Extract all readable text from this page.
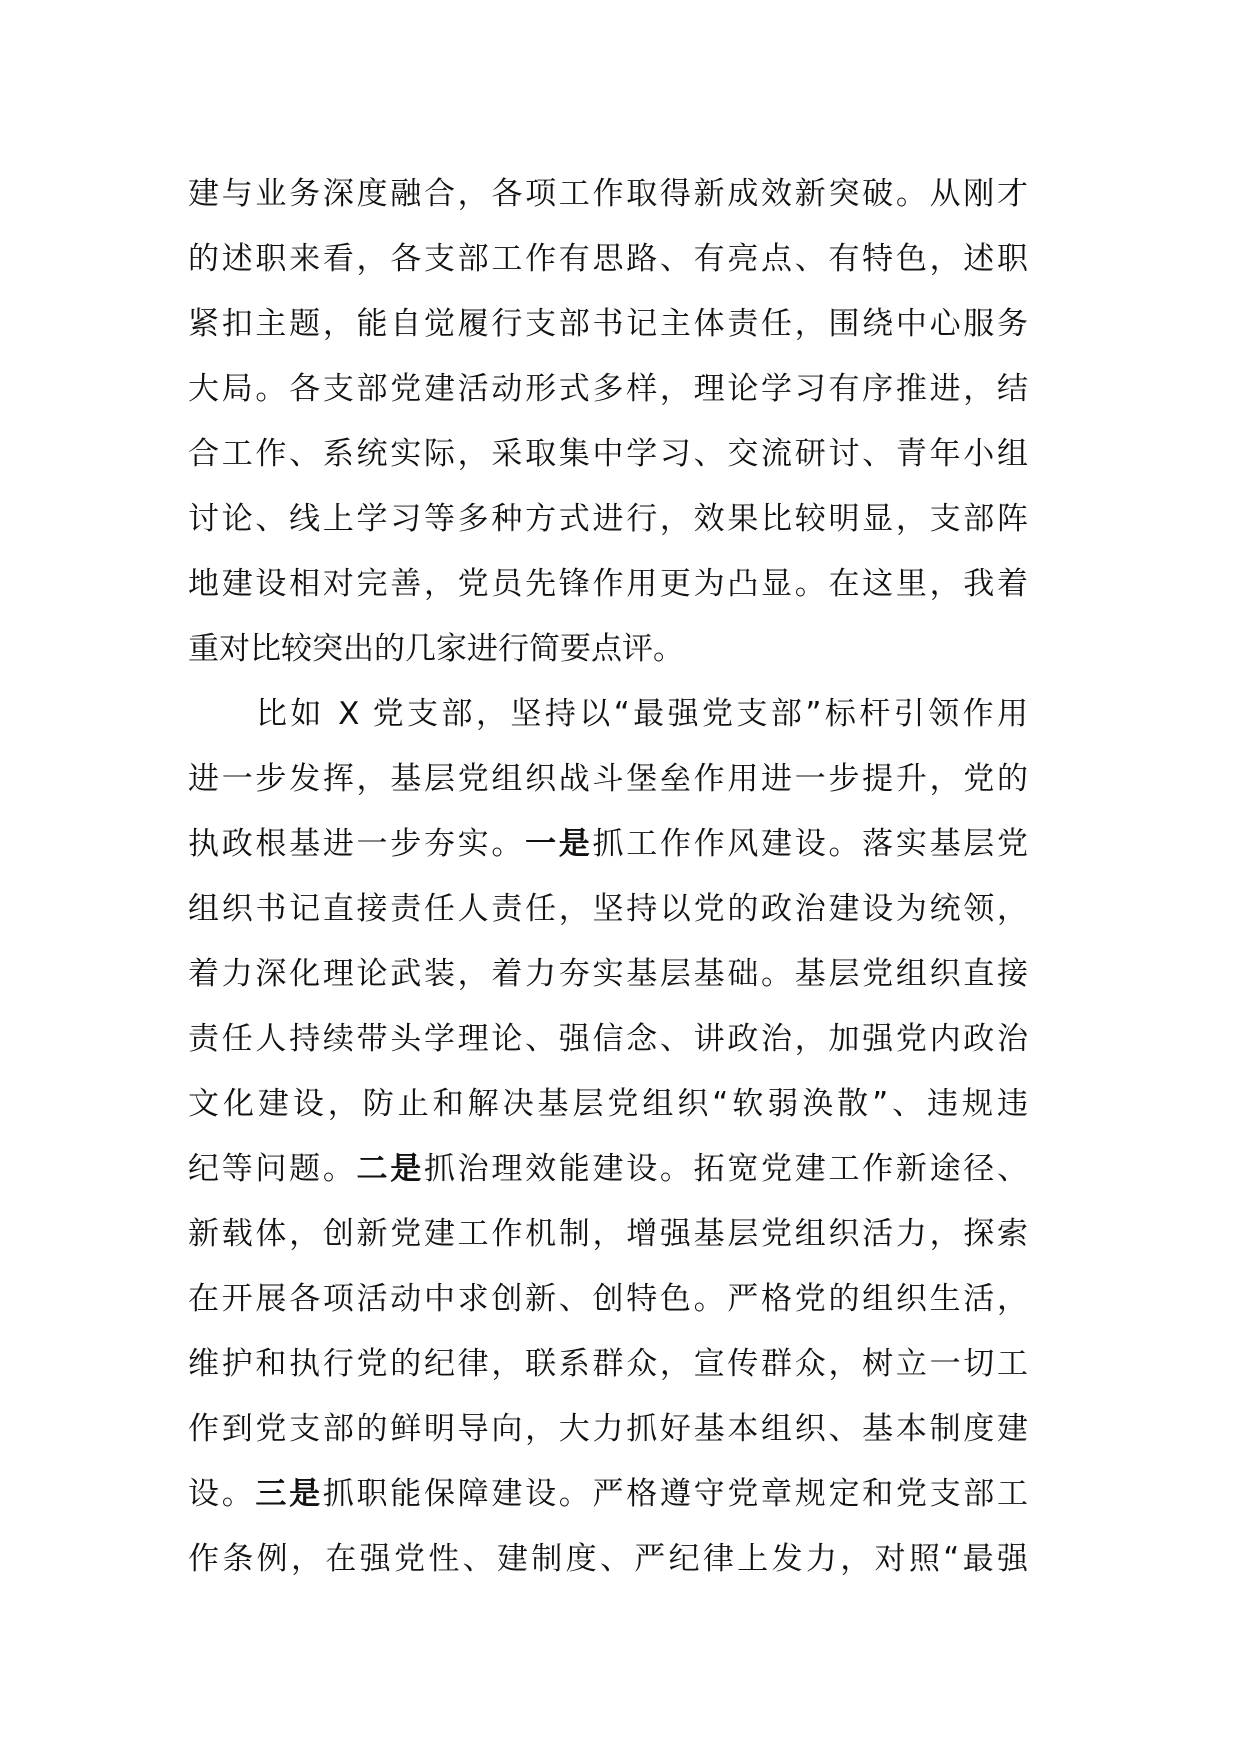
建与业务深度融合，各项工作取得新成效新突破。从刚才
的述职来看，各支部工作有思路、有亮点、有特色，述职
紧扣主题，能自觉履行支部书记主体责任，围绕中心服务
大局。各支部党建活动形式多样，理论学习有序推进，结
合工作、系统实际，采取集中学习、交流研讨、青年小组
讨论、线上学习等多种方式进行，效果比较明显，支部阵
地建设相对完善，党员先锋作用更为凸显。在这里，我着
重对比较突出的几家进行简要点评。
比如 X 党支部，坚持以“最强党支部”标杆引领作用
进一步发挥，基层党组织战斗堡垒作用进一步提升，党的
执政根基进一步夯实。一是抓工作作风建设。落实基层党
组织书记直接责任人责任，坚持以党的政治建设为统领，
着力深化理论武装，着力夯实基层基础。基层党组织直接
责任人持续带头学理论、强信念、讲政治，加强党内政治
文化建设，防止和解决基层党组织“软弱涣散”、违规违
纪等问题。二是抓治理效能建设。拓宽党建工作新途径、
新载体，创新党建工作机制，增强基层党组织活力，探索
在开展各项活动中求创新、创特色。严格党的组织生活，
维护和执行党的纪律，联系群众，宣传群众，树立一切工
作到党支部的鲜明导向，大力抓好基本组织、基本制度建
设。三是抓职能保障建设。严格遵守党章规定和党支部工
作条例，在强党性、建制度、严纪律上发力，对照“最强
